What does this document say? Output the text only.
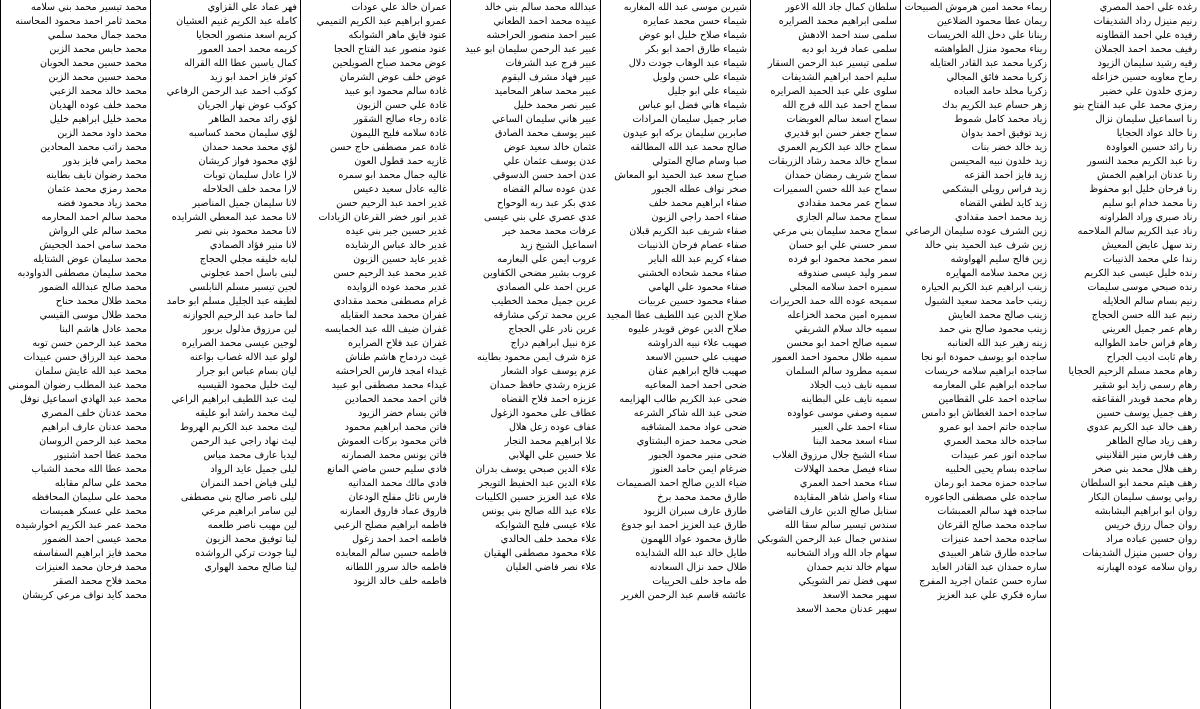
رغده علي احمد المصري
رنيم منيزل رداد الشديفات
رفيده علي احمد القطاونه
رفيف محمد احمد الجملان
رقيه رشيد سليمان الزيود
رماح معاويه حسين خزاعله
رمزي خلدون علي خضير
رمزي محمد علي عبد الفتاح بنو
رنا اسماعيل سليمان نزال
رنا خالد عواد الحجايا
رنا رائد حسين العواودة
رنا عبد الكريم محمد النسور
رنا عدنان ابراهيم الخمش
رنا فرحان خليل ابو محفوظ
رنا محمد خدام ابو سليم
رناد صبري وراد الطراونه
رناد عبد الكريم سالم الملاحمه
رند سهل عايض المعيش
رندا علي محمد الذنيبات
رنده خليل عيسى عبد الكريم
رنده صبحي موسى سليمات
رنيم بسام سالم الخلايله
رنيم عبد الله حسن الحجاج
رهام عمر جميل العريني
رهام فراس حامد الطوالبه
رهام ثابت اديب الجراح
رهام محمد مسلم الرحيم الحجايا
رهام رسمي زايد ابو شقير
رهام محمد قويدر الفقاعقه
رهف جميل يوسف حسين
رهف خالد عبد الكريم عدوي
رهف زياد صالح الطاهر
رهف فارس منير القلانيني
رهف هلال محمد بني صخر
رهف هيثم محمد ابو السلطان
روابي يوسف سليمان البكار
روان ابو ابراهيم البشابشه
روان جمال رزق خريس
روان حسين عباده مراد
روان حسين منيزل الشديفات
روان سلامه عوده الهبارنه
ريماء محمد امين هرموش الصبيحات
ريمان عطا محمود الضلاعين
رينانا علي دخل الله الخريسات
ريناء محمود منزل الطواهشه
زكريا محمد عبد القادر العتايله
زكريا محمد فائق المجالي
زكريا مخلد حامد العباده
زهر حسام عبد الكريم بدك
زياد محمد كامل شموط
زيد توفيق احمد بدوان
زيد خالد خضر بنات
زيد خلدون نبيه المحيسن
زيد فايز احمد القزعه
زيد فراس رويلي البشكمي
زيد كايد لطفي القضاه
زيد محمد احمد مقدادي
زين الشرف عوده سليمان الرصاعي
زين شرف عبد الحميد بني خالد
زين فالح سليم الهواوشه
زين محمد سلامه المهايره
زينب ابراهيم عبد الكريم الحياره
زينب حامد محمد سعيد الشبول
زينب صالح محمد العايش
زينب محمود صالح بني حمد
زينه زهير عبد الله العنانبه
ساجده ابو يوسف حمودة ابو نجا
ساجده ابراهيم سلامه خريسات
ساجده ابراهيم علي المعارمه
ساجده احمد علي القطامين
ساجده احمد الغطاش ابو دامس
ساجده حاتم احمد ابو عمرو
ساجده خالد محمد العمري
ساجده انور عمر عبيدات
ساجده بسام يحيى الحلبيه
ساجده حمزه محمد ابو رمان
ساجده علي مصطفى الجاعوره
ساجده فهد سالم العمبشات
ساجده محمد صالح القرعان
ساجده محمد احمد عنيزات
ساجده طارق شاهر العبيدي
ساره حمدان عبد القادر العايد
ساره حسن عثمان اجريد المفرج
ساره فكري علي عبد العزيز
سلطان كمال جاد الله الاعور
سلمى ابراهيم محمد الصرايره
سلمى سند احمد الادهش
سلمى عماد فريد ابو ديه
سلمى تيسير عبد الرحمن السقار
سليم احمد ابراهيم الشديفات
سلوى علي عبد الحميد الصرايره
سماح احمد عبد الله فرج الله
سماح اسعد سالم العويضات
سماح جعفر حسن ابو قديري
سماح خالد عبد الكريم العمري
سماح خالد محمد رشاد الزريقات
سماح شريف رمضان حمدان
سماح عبد الله حسن السميرات
سماح عمر محمد مقدادي
سماح محمد سالم الجازي
سماح محمد سليمان بني مرعي
سمر حسني علي ابو حسان
سمر محمد محمود ابو فرده
سمر وليد عيسى صندوقه
سميره احمد سلامه المجلي
سميحه عوده الله حمد الحريرات
سميره امين محمد الخزاعله
سميه خالد سلام الشريقي
سميه صالح احمد ابو محسن
سميه طلال محمود احمد العمور
سميه مطرود سالم السلمان
سميه نايف ذيب الجلاد
سميه نايف علي البطاينه
سميه وصفي موسى عواوده
سناء احمد علي العبير
سناء اسعد محمد البنا
سناء الشيخ جلال مرزوق الغلاب
سناء فيصل محمد الهلالات
سناء محمد احمد العمري
سناء واصل شاهر المقايدة
سنابل صالح الدين عارف القاضي
سندس تيسير سالم سقا الله
سندس جمال عبد الرحمن الشوبكي
سهام جاد الله وراد الشخانبه
سهام خالد نديم حمدان
سهى فضل نمر الشويكي
سهير محمد الاسعد
سهير عدنان محمد الاسعد
شيرين موسى عبد الله المغاربه
شيماء حسن محمد عمايره
شيماء صلاح خليل ابو عوض
شيماء طارق احمد ابو بكر
شيماء عبد الوهاب جودت دلال
شيماء علي حسن ولويل
شيماء علي ابو جليل
شيماء هاني فضل ابو عباس
صابر جميل سليمان المرادات
صابرين سليمان بركه ابو عيدون
صالح محمد عبد الله المطالقه
صبا وسام صالح المتولي
صباح سعد عبد الحميد ابو المعاش
صخر نواف عطله الجبور
صفاء ابراهيم محمد خلف
صفاء احمد راجي الزبون
صفاء شريف عبد الكريم قبلان
صفاء عصام فرحان الذنيبات
صفاء كريم عبد الله الباير
صفاء محمد شحاده الخشني
صفاء محمود علي الهامي
صفاء محمود حسين عربيات
صلاح الدين عبد اللطيف عطا المجيد
صلاح الدين عوض قويدر عليوه
صهيب علاء نبيه الدراوشه
صهيب علي حسين الاسعد
صهيب فالح ابراهيم عفان
ضحى احمد احمد المعاعيه
ضحى عبد الكريم طالب الهزايمه
ضحى عبد الله شاكر الشرعه
ضحى عواد محمد المشاقبه
ضحى محمد حمزه البشتاوي
ضحى منير محمود الجبور
ضرغام ايمن حامد العنوز
ضياء الدين صالح احمد الصميمات
طارق محمد محمد برخ
طارق عارف سبران الزيود
طارق عبد العزيز احمد ابو جدوع
طارق محمود عواد اللهمون
طايل خالد عبد الله الشدايده
طلال حمد نزال السعادنه
طه ماجد خلف الحريبات
عائشه قاسم عبد الرحمن الغرير
عبدالله محمد سالم بني خالد
عبيده محمد احمد الطعاني
عبير احمد منصور الحراحشه
عبير عبد الرحمن سليمان ابو عبيد
عبير فرج عبد الشرفات
عبير فهاد مشرف البقوم
عبير محمد ساهر المحاميد
عبير نصر محمد خليل
عبير هاني سليمان الساعي
عبير يوسف محمد الصادق
عثمان خالد سعيد عوض
عدن يوسف عثمان علي
عدن احمد حسن الدسوقي
عدن عوده سالم القضاه
عدي بكر عبد ربه الوحواح
عدي عصري علي بني عيسى
عرفات محمد محمد خير
اسماعيل الشيخ زيد
عروب ايمن علي البعارمه
عروب بشير مضحي الكفاوين
عرين احمد علي الصمادي
عرين جميل محمد الخطيب
عرين محمد تركي مشارقه
عرين نادر علي الحجاج
عزة نبيل ابراهيم دراج
عزة شرف ايمن محمود بطاينه
عزم يوسف عواد الشعار
عزيزه رشدي حافظ حمدان
عزيزه احمد فلاح القضاه
عطاف على محمود الزغول
عفاف عوده زعل هلال
علا ابراهيم محمد النجار
علا حسين علي الهلابي
علاء الدين صبحي يوسف بدران
علاء الدين عبد الحفيظ التويجر
علاء عبد العزيز حسين الكليبات
علاء عبد الله صالح بني يونس
علاء عيسى فليح الشوابكه
علاء محمد خلف الخالدي
علاء محمود مصطفى الهقيان
علاء نصر فاضي العليان
عمران خالد علي عودات
عمرو ابراهيم عبد الكريم التميمي
عنود فايق ماهر الشوابكه
عنود منصور عبد الفتاح الحجا
عوض محمد صباح الصويلحين
عوض خلف عوض الشرمان
غادة سالم محمود ابو عبيد
غادة علي حسن الزبون
غادة رجاء صالح الشقور
غادة سلامه فليح الليمون
غادة عمر مصطفى حاج حسن
غازيه حمد قطول العون
غاليه جمال محمد ابو سمره
غاليه عادل سعيد دعيس
غدير احمد عبد الرحيم حسن
غدير انور خضر القرعان الزيادات
غدير حسين جبر بني عيده
غدير خالد عباس الرشايده
غدير عايد حسين الزبون
غدير محمد عبد الرحيم حسن
غدير محمد عوده الزوايده
غرام مصطفى محمد مقدادي
غفران محمد محمد العقايله
غفران ضيف الله عبد الخمايسه
غفران عبد فلاح الصرايره
غيث دردماح هاشم طناش
غيداء امجد فارس الحراحشه
غيداء محمد مصطفى ابو عبيد
فاتن احمد محمد الحمادين
فاتن بسام خضر الزيود
فاتن محمد ابراهيم محمود
فاتن محمود بركات العموش
فاتن يونس محمد الصمارنه
فادي سليم حسن ماضي المانع
فادي مالك محمد المدانيه
فارس نائل مفلح الودعان
فاروق عماد فاروق العمارنه
فاطمه ابراهيم مصلح الرعبي
فاطمه احمد احمد زغول
فاطمه حسين سالم المعابده
فاطمه خالد سرور اللطانه
فاطمه خلف خالد الزيود
فهر عماد علي القزاوي
كامله عبد الكريم غنيم العشيان
كريم اسعد منصور الحجايا
كريمه محمد احمد العمور
كمال ياسين عطا الله القراله
كوثر فايز احمد ابو زيد
كوكب احمد عبد الرحمن الرفاعي
كوكب عوض نهار الجريان
لؤي رائد محمد الطاهر
لؤي سليمان محمد كساسبه
لؤي محمد محمد حمدان
لؤي محمود فواز كريشان
لارا عادل سليمان توبات
لارا محمد خلف الحلاحله
لانا سليمان جميل المناصير
لانا محمد عبد المعطي الشرايده
لانا محمد محمود بني نصر
لانا منير فؤاد الصمادي
لبابه خليفه مجلي الحجاج
لبنى باسل احمد عجلوني
لجين تيسير مسلم النابلسي
لطيفه عبد الجليل مسلم ابو حامد
لما حامد عبد الرحيم الجوازنه
لين مرزوق مذلول بربور
لوجين عيسى محمد الصرايره
لولو عبد الاله غصاب بواعنه
ليان بسام عباس ابو جرار
ليث خليل محمود القيسيه
ليث عبد اللطيف ابراهيم الراعي
ليث محمد راشد ابو عليقه
ليث محمد عبد الكريم الهروط
ليث نهاد راجي عبد الرحمن
ليديا عارف محمد مياس
ليلى جميل عايد الرواد
ليلى فياض احمد النمران
ليلى ناصر صالح بني مصطفى
لين سامر ابراهيم مرعي
لين مهيب ناصر طلعمه
لينا توفيق محمد الزيون
لينا جودت تركي الرواشده
لينا صالح محمد الهواري
محمد تيسير محمد بني سلامه
محمد ثامر احمد محمود المحاسنه
محمد جمال محمد سلمي
محمد حابس محمد الزبن
محمد حسين محمد الحوبان
محمد حسين محمد الزبن
محمد خالد محمد الزعبي
محمد خلف عوده الهديان
محمد خليل ابراهيم خليل
محمد داود محمد الزبن
محمد راتب محمد المحادين
محمد رامي فايز بدور
محمد رضوان نايف بطاينه
محمد رمزي محمد عثمان
محمد زياد محمود فضه
محمد سالم احمد المحارمه
محمد سالم علي الرواش
محمد سامي احمد الجحيش
محمد سليمان عوض الشتايله
محمد سليمان مصطفى الدواودبه
محمد صالح عبدالله الضمور
محمد طلال محمد حناح
محمد طلال موسى القيسي
محمد عادل هاشم البنا
محمد عبد الرحمن حسن توبه
محمد عبد الرزاق حسن عبيدات
محمد عبد الله عايش سلمان
محمد عبد المطلب رضوان المومني
محمد عبد الهادي اسماعيل نوفل
محمد عدنان خلف المصري
محمد عدنان عارف ابراهيم
محمد عبد الرحمن الروسان
محمد عطا احمد اشتيور
محمد عطا الله محمد الشباب
محمد علي سالم مقابله
محمد علي سليمان المحافظه
محمد علي عسكر هميسات
محمد عمر عبد الكريم اخوارشيده
محمد عيسى احمد الضمور
محمد فايز ابراهيم السفاسفه
محمد فرحان محمد العنيزات
محمد فلاح محمد الصقر
محمد كايد نواف مرعي كريشان
